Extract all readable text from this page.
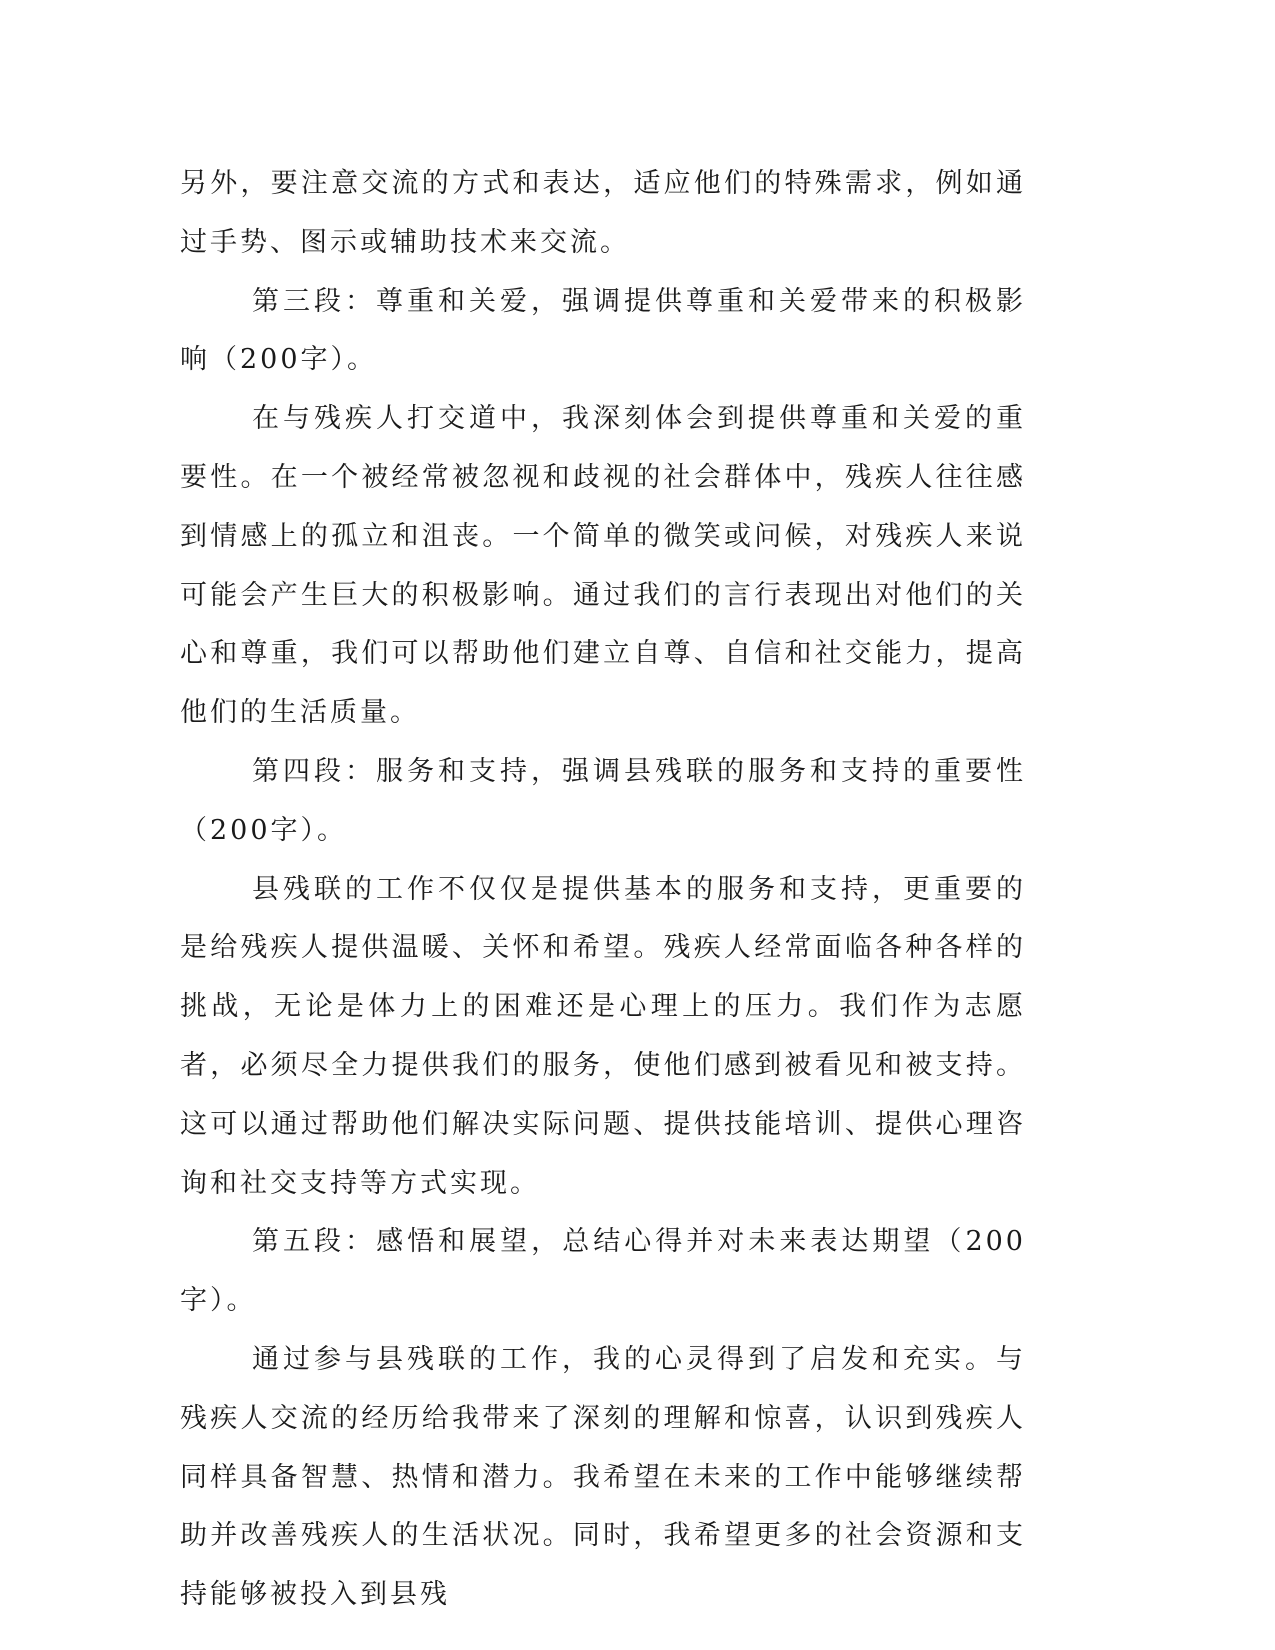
另外，要注意交流的方式和表达，适应他们的特殊需求，例如通过手势、图示或辅助技术来交流。

第三段：尊重和关爱，强调提供尊重和关爱带来的积极影响（200字）。

在与残疾人打交道中，我深刻体会到提供尊重和关爱的重要性。在一个被经常被忽视和歧视的社会群体中，残疾人往往感到情感上的孤立和沮丧。一个简单的微笑或问候，对残疾人来说可能会产生巨大的积极影响。通过我们的言行表现出对他们的关心和尊重，我们可以帮助他们建立自尊、自信和社交能力，提高他们的生活质量。

第四段：服务和支持，强调县残联的服务和支持的重要性（200字）。

县残联的工作不仅仅是提供基本的服务和支持，更重要的是给残疾人提供温暖、关怀和希望。残疾人经常面临各种各样的挑战，无论是体力上的困难还是心理上的压力。我们作为志愿者，必须尽全力提供我们的服务，使他们感到被看见和被支持。这可以通过帮助他们解决实际问题、提供技能培训、提供心理咨询和社交支持等方式实现。

第五段：感悟和展望，总结心得并对未来表达期望（200字）。

通过参与县残联的工作，我的心灵得到了启发和充实。与残疾人交流的经历给我带来了深刻的理解和惊喜，认识到残疾人同样具备智慧、热情和潜力。我希望在未来的工作中能够继续帮助并改善残疾人的生活状况。同时，我希望更多的社会资源和支持能够被投入到县残
